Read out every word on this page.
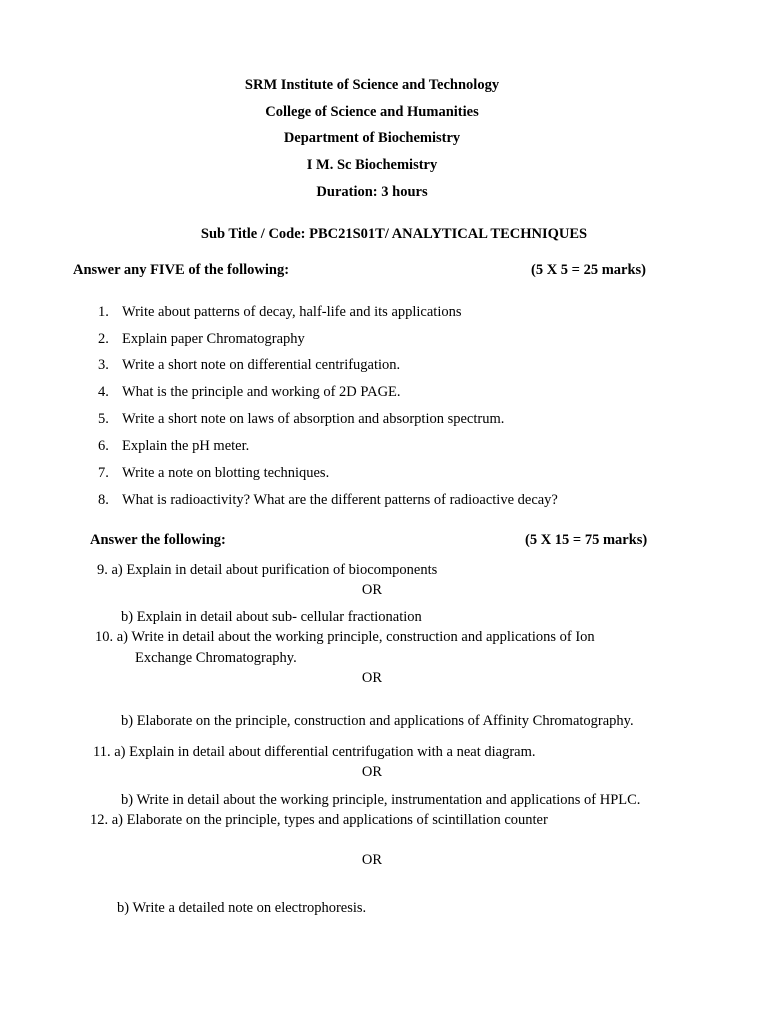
SRM Institute of Science and Technology
College of Science and Humanities
Department of Biochemistry
I M. Sc Biochemistry
Duration: 3 hours
Sub Title / Code: PBC21S01T/ ANALYTICAL TECHNIQUES
Answer any FIVE of the following:	(5 X 5 = 25 marks)
1. Write about patterns of decay, half-life and its applications
2. Explain paper Chromatography
3. Write a short note on differential centrifugation.
4. What is the principle and working of 2D PAGE.
5. Write a short note on laws of absorption and absorption spectrum.
6. Explain the pH meter.
7. Write a note on blotting techniques.
8. What is radioactivity? What are the different patterns of radioactive decay?
Answer the following:	(5 X 15 = 75 marks)
9. a) Explain in detail about purification of biocomponents
OR
b) Explain in detail about sub- cellular fractionation
10. a) Write in detail about the working principle, construction and applications of Ion
Exchange Chromatography.
OR
b) Elaborate on the principle, construction and applications of Affinity Chromatography.
11. a) Explain in detail about differential centrifugation with a neat diagram.
OR
b) Write in detail about the working principle, instrumentation and applications of HPLC.
12. a) Elaborate on the principle, types and applications of scintillation counter
OR
b) Write a detailed note on electrophoresis.
